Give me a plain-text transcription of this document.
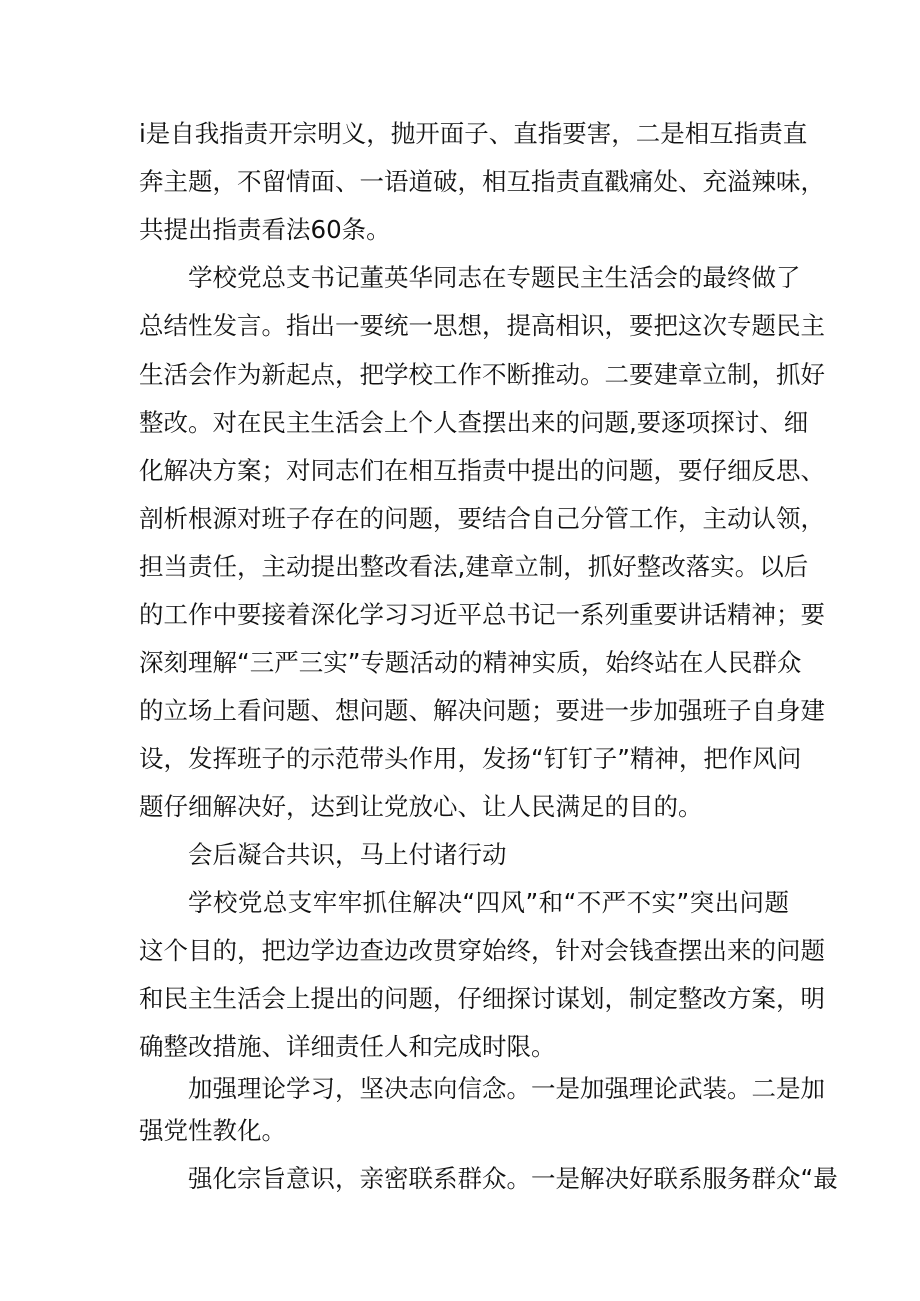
i是自我指责开宗明义，抛开面子、直指要害，二是相互指责直
奔主题，不留情面、一语道破，相互指责直戳痛处、充溢辣味，
共提出指责看法60条。
学校党总支书记董英华同志在专题民主生活会的最终做了
总结性发言。指出一要统一思想，提高相识，要把这次专题民主
生活会作为新起点，把学校工作不断推动。二要建章立制，抓好
整改。对在民主生活会上个人查摆出来的问题,要逐项探讨、细
化解决方案；对同志们在相互指责中提出的问题，要仔细反思、
剖析根源对班子存在的问题，要结合自己分管工作，主动认领，
担当责任，主动提出整改看法,建章立制，抓好整改落实。以后
的工作中要接着深化学习习近平总书记一系列重要讲话精神；要
深刻理解“三严三实”专题活动的精神实质，始终站在人民群众
的立场上看问题、想问题、解决问题；要进一步加强班子自身建
设，发挥班子的示范带头作用，发扬“钉钉子”精神，把作风问
题仔细解决好，达到让党放心、让人民满足的目的。
会后凝合共识，马上付诸行动
学校党总支牢牢抓住解决“四风”和“不严不实”突出问题
这个目的，把边学边查边改贯穿始终，针对会钱查摆出来的问题
和民主生活会上提出的问题，仔细探讨谋划，制定整改方案，明
确整改措施、详细责任人和完成时限。
加强理论学习，坚决志向信念。一是加强理论武装。二是加
强党性教化。
强化宗旨意识，亲密联系群众。一是解决好联系服务群众“最
